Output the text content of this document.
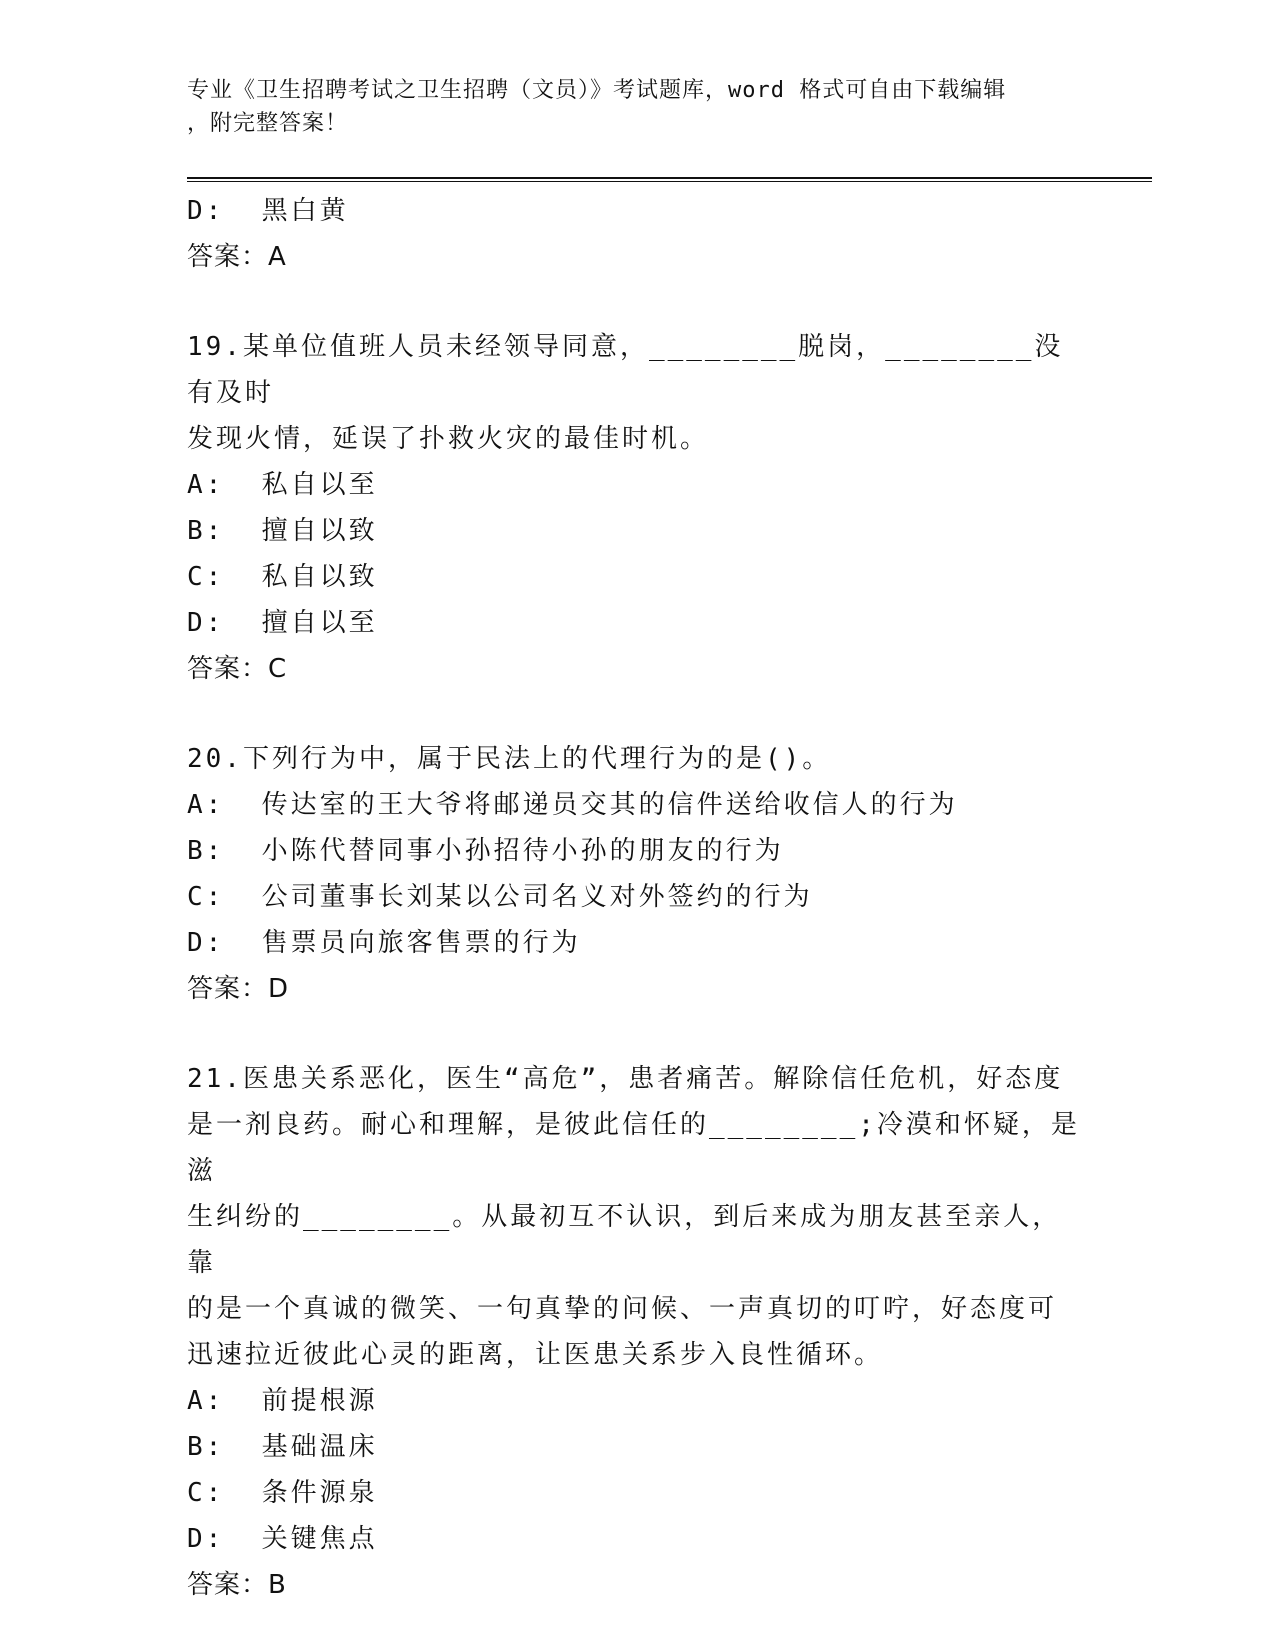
专业《卫生招聘考试之卫生招聘（文员）》考试题库，word 格式可自由下载编辑
，附完整答案！
D:  黑白黄
答案：A
19.某单位值班人员未经领导同意，________脱岗，________没有及时
发现火情，延误了扑救火灾的最佳时机。
A:  私自以至
B:  擅自以致
C:  私自以致
D:  擅自以至
答案：C
20.下列行为中，属于民法上的代理行为的是()。
A:  传达室的王大爷将邮递员交其的信件送给收信人的行为
B:  小陈代替同事小孙招待小孙的朋友的行为
C:  公司董事长刘某以公司名义对外签约的行为
D:  售票员向旅客售票的行为
答案：D
21.医患关系恶化，医生“高危”，患者痛苦。解除信任危机，好态度
是一剂良药。耐心和理解，是彼此信任的________;冷漠和怀疑，是滋
生纠纷的________。从最初互不认识，到后来成为朋友甚至亲人，靠
的是一个真诚的微笑、一句真挚的问候、一声真切的叮咛，好态度可
迅速拉近彼此心灵的距离，让医患关系步入良性循环。
A:  前提根源
B:  基础温床
C:  条件源泉
D:  关键焦点
答案：B
